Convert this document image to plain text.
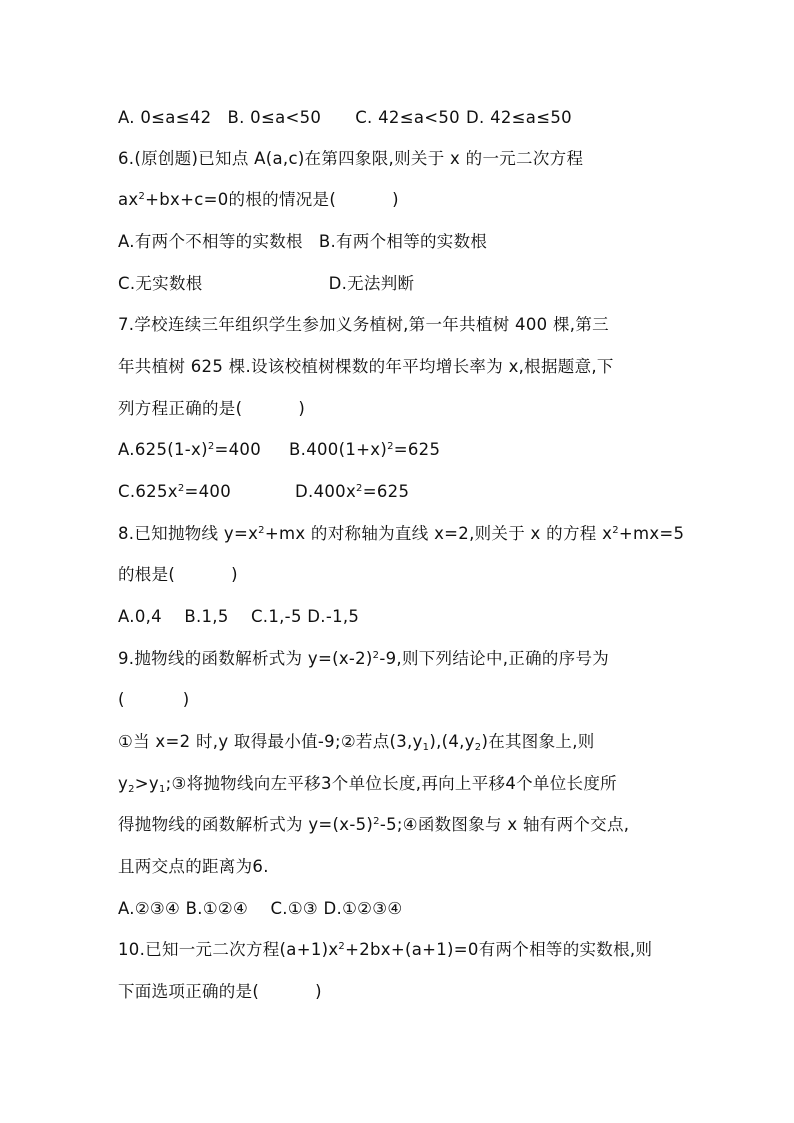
A. 0≤a≤42 B. 0≤a<50 C. 42≤a<50 D. 42≤a≤50
6.(原创题)已知点 A(a,c)在第四象限,则关于 x 的一元二次方程
$ax^2+bx+c=0$的根的情况是(	)
A.有两个不相等的实数根 B.有两个相等的实数根
C.无实数根	D.无法判断
7.学校连续三年组织学生参加义务植树,第一年共植树 400 棵,第三
年共植树 625 棵.设该校植树棵数的年平均增长率为 x,根据题意,下
列方程正确的是(	)
$A.625(1-x)^2=400$ $B.400(1+x)^2=625$
$C.625x^2=400$	$D.400x^2=625$
8.已知抛物线 $y=x^2+mx$ 的对称轴为直线 x=2,则关于 x 的方程 $x^2+mx=5$
的根是(	)
A.0,4　 B.1,5　 C.1,-5 D.-1,5
9.抛物线的函数解析式为 $y=(x-2)^2-9$,则下列结论中,正确的序号为
(	)
①当 x=2 时,y 取得最小值-9;②若点$(3,y_1),(4,y_2)$在其图象上,则
$y_2>y_1;③$将抛物线向左平移3个单位长度,再向上平移4个单位长度所
得抛物线的函数解析式为 $y=(x-5)^2-5;④$函数图象与 x 轴有两个交点,
且两交点的距离为6.
A.②③④ B.①②④　 C.①③ D.①②③④
10.已知一元二次方程$(a+1)x^2+2bx+(a+1)=0$有两个相等的实数根,则
下面选项正确的是(	)
